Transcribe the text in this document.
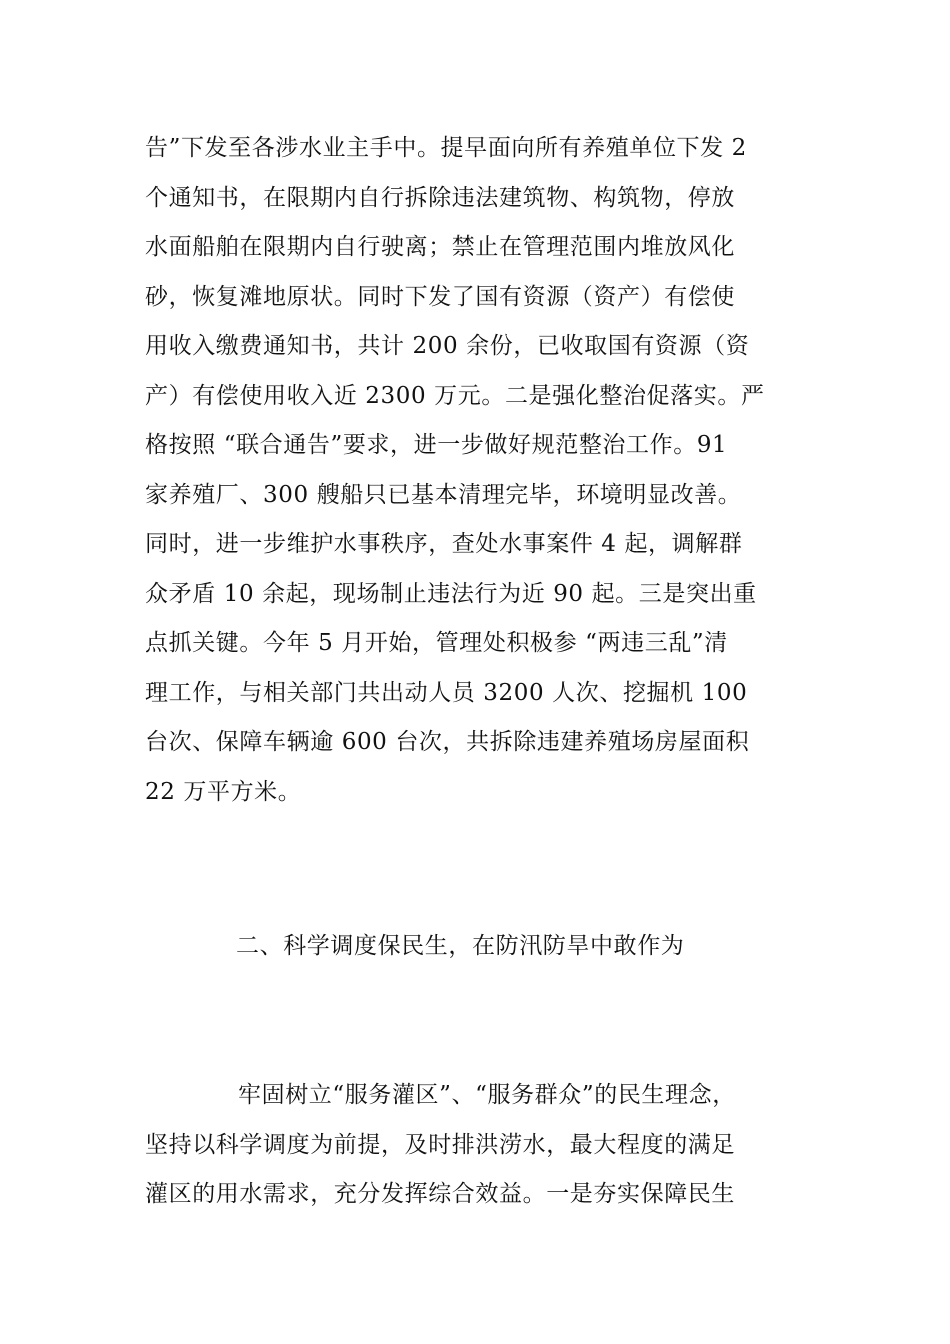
告”下发至各涉水业主手中。提早面向所有养殖单位下发 2
个通知书，在限期内自行拆除违法建筑物、构筑物，停放
水面船舶在限期内自行驶离；禁止在管理范围内堆放风化
砂，恢复滩地原状。同时下发了国有资源（资产）有偿使
用收入缴费通知书，共计 200 余份，已收取国有资源（资
产）有偿使用收入近 2300 万元。二是强化整治促落实。严
格按照 “联合通告”要求，进一步做好规范整治工作。91
家养殖厂、300 艘船只已基本清理完毕，环境明显改善。
同时，进一步维护水事秩序，查处水事案件 4 起，调解群
众矛盾 10 余起，现场制止违法行为近 90 起。三是突出重
点抓关键。今年 5 月开始，管理处积极参 “两违三乱”清
理工作，与相关部门共出动人员 3200 人次、挖掘机 100
台次、保障车辆逾 600 台次，共拆除违建养殖场房屋面积
22 万平方米。
二、科学调度保民生，在防汛防旱中敢作为
牢固树立“服务灌区”、“服务群众”的民生理念，
坚持以科学调度为前提，及时排洪涝水，最大程度的满足
灌区的用水需求，充分发挥综合效益。一是夯实保障民生
